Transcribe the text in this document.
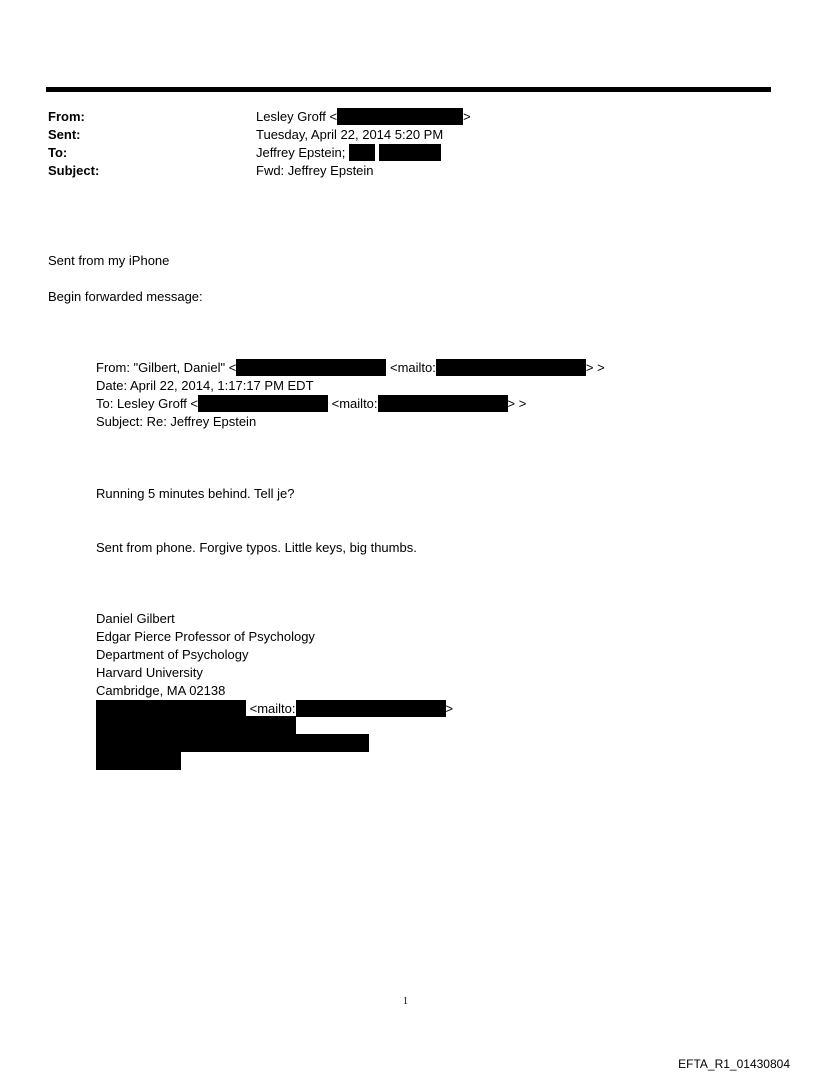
From:	Lesley Groff <	>
Sent:	Tuesday, April 22, 2014 5:20 PM
To:	Jeffrey Epstein;
Subject:	Fwd: Jeffrey Epstein
Sent from my iPhone
Begin forwarded message:
From: "Gilbert, Daniel" <	<mailto:	> >
Date: April 22, 2014, 1:17:17 PM EDT
To: Lesley Groff <	<mailto:	> >
Subject: Re: Jeffrey Epstein
Running 5 minutes behind. Tell je?
Sent from phone. Forgive typos. Little keys, big thumbs.
Daniel Gilbert
Edgar Pierce Professor of Psychology
Department of Psychology
Harvard University
Cambridge, MA 02138
<mailto:	>
1
EFTA_R1_01430804
